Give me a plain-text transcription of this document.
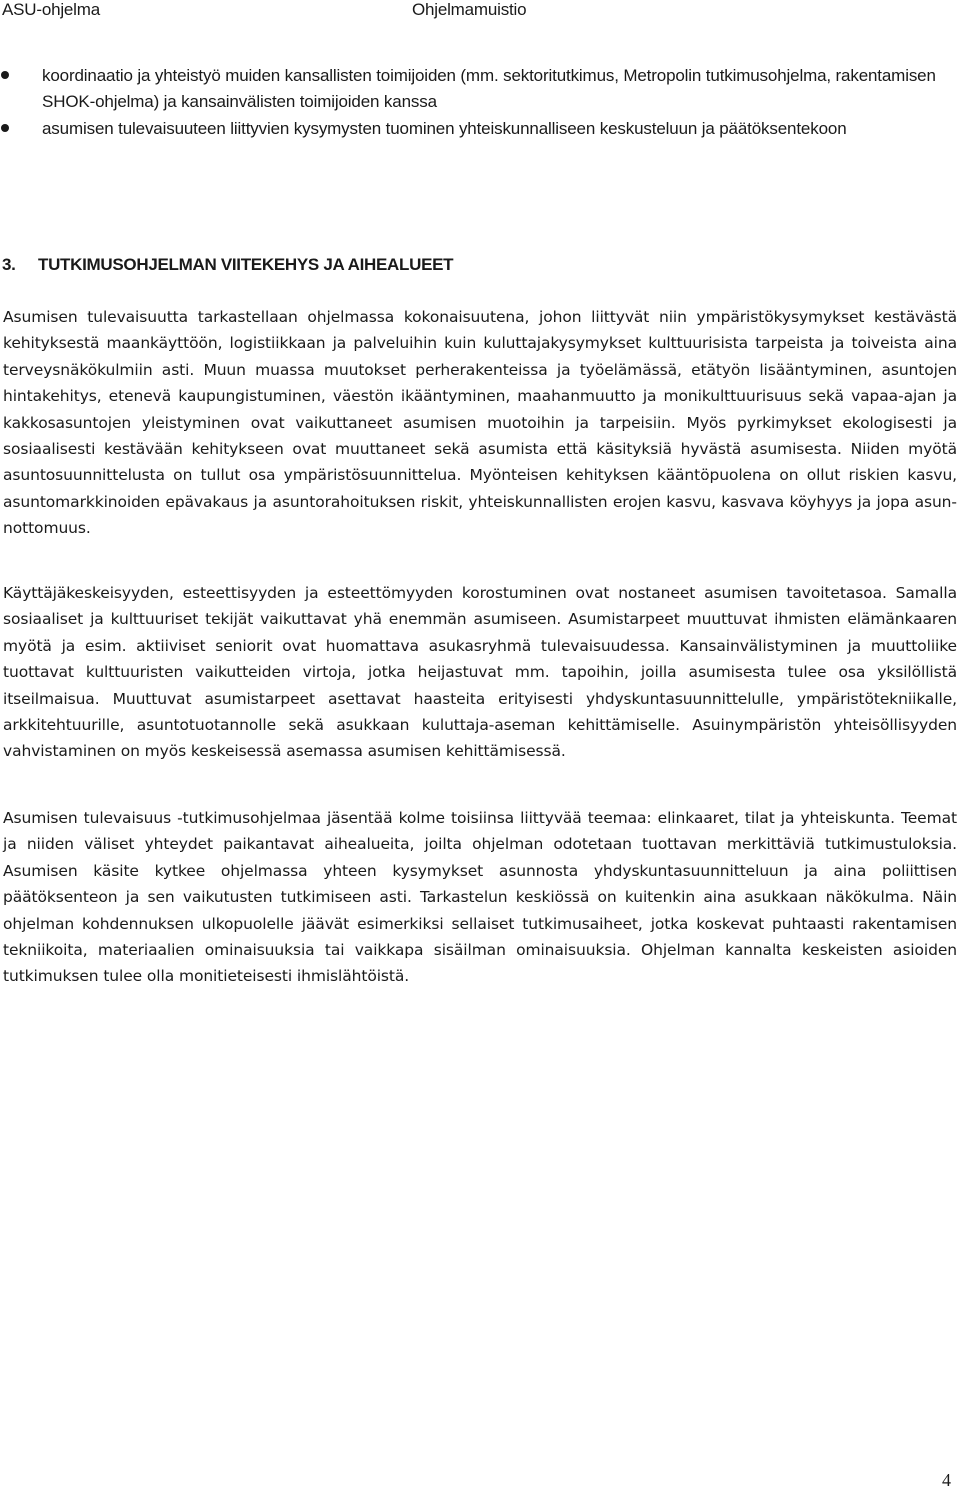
ASU-ohjelma	Ohjelmamuistio
koordinaatio ja yhteistyö muiden kansallisten toimijoiden (mm. sektoritutkimus, Metropolin tutkimusohjelma, rakentamisen SHOK-ohjelma) ja kansainvälisten toimijoiden kanssa
asumisen tulevaisuuteen liittyvien kysymysten tuominen yhteiskunnalliseen keskusteluun ja päätöksentekoon
3. TUTKIMUSOHJELMAN VIITEKEHYS JA AIHEALUEET

Asumisen tulevaisuutta tarkastellaan ohjelmassa kokonaisuutena, johon liittyvät niin ympäristökysymykset kestävästä kehityksestä maankäyttöön, logistiikkaan ja palveluihin kuin kuluttajakysymykset kulttuurisista tarpeista ja toiveista aina terveysnäkökulmiin asti. Muun muassa muutokset perherakenteissa ja työelämässä, etätyön lisääntyminen, asuntojen hintakehitys, etenevä kaupungistuminen, väestön ikääntyminen, maahanmuutto ja monikulttuurisuus sekä vapaa-ajan ja kakkosasuntojen yleistyminen ovat vaikuttaneet asumisen muotoihin ja tarpeisiin. Myös pyrkimykset ekologisesti ja sosiaalisesti kestävään kehitykseen ovat muuttaneet sekä asumista että käsityksiä hyvästä asumisesta. Niiden myötä asuntosuunnittelusta on tullut osa ympäristösuunnittelua. Myönteisen kehityksen kääntöpuolena on ollut riskien kasvu, asuntomarkkinoiden epävakaus ja asuntorahoituksen riskit, yhteiskunnallisten erojen kasvu, kasvava köyhyys ja jopa asunnottomuus.

Käyttäjäkeskeisyyden, esteettisyyden ja esteettömyyden korostuminen ovat nostaneet asumisen tavoitetasoa. Samalla sosiaaliset ja kulttuuriset tekijät vaikuttavat yhä enemmän asumiseen. Asumistarpeet muuttuvat ihmisten elämänkaaren myötä ja esim. aktiiviset seniorit ovat huomattava asukasryhmä tulevaisuudessa. Kansainvälistyminen ja muuttoliike tuottavat kulttuuristen vaikutteiden virtoja, jotka heijastuvat mm. tapoihin, joilla asumisesta tulee osa yksilöllistä itseilmaisua. Muuttuvat asumistarpeet asettavat haasteita erityisesti yhdyskuntasuunnittelulle, ympäristötekniikalle, arkkitehtuurille, asuntotuotannolle sekä asukkaan kuluttaja-aseman kehittämiselle. Asuinympäristön yhteisöllisyyden vahvistaminen on myös keskeisessä asemassa asumisen kehittämisessä.

Asumisen tulevaisuus -tutkimusohjelmaa jäsentää kolme toisiinsa liittyvää teemaa: elinkaaret, tilat ja yhteiskunta. Teemat ja niiden väliset yhteydet paikantavat aihealueita, joilta ohjelman odotetaan tuottavan merkittäviä tutkimustuloksia. Asumisen käsite kytkee ohjelmassa yhteen kysymykset asunnosta yhdyskuntasuunnitteluun ja aina poliittisen päätöksenteon ja sen vaikutusten tutkimiseen asti. Tarkastelun keskiössä on kuitenkin aina asukkaan näkökulma. Näin ohjelman kohdennuksen ulkopuolelle jäävät esimerkiksi sellaiset tutkimusaiheet, jotka koskevat puhtaasti rakentamisen tekniikoita, materiaalien ominaisuuksia tai vaikkapa sisäilman ominaisuuksia. Ohjelman kannalta keskeisten asioiden tutkimuksen tulee olla monitieteisesti ihmislähtöistä.

4
